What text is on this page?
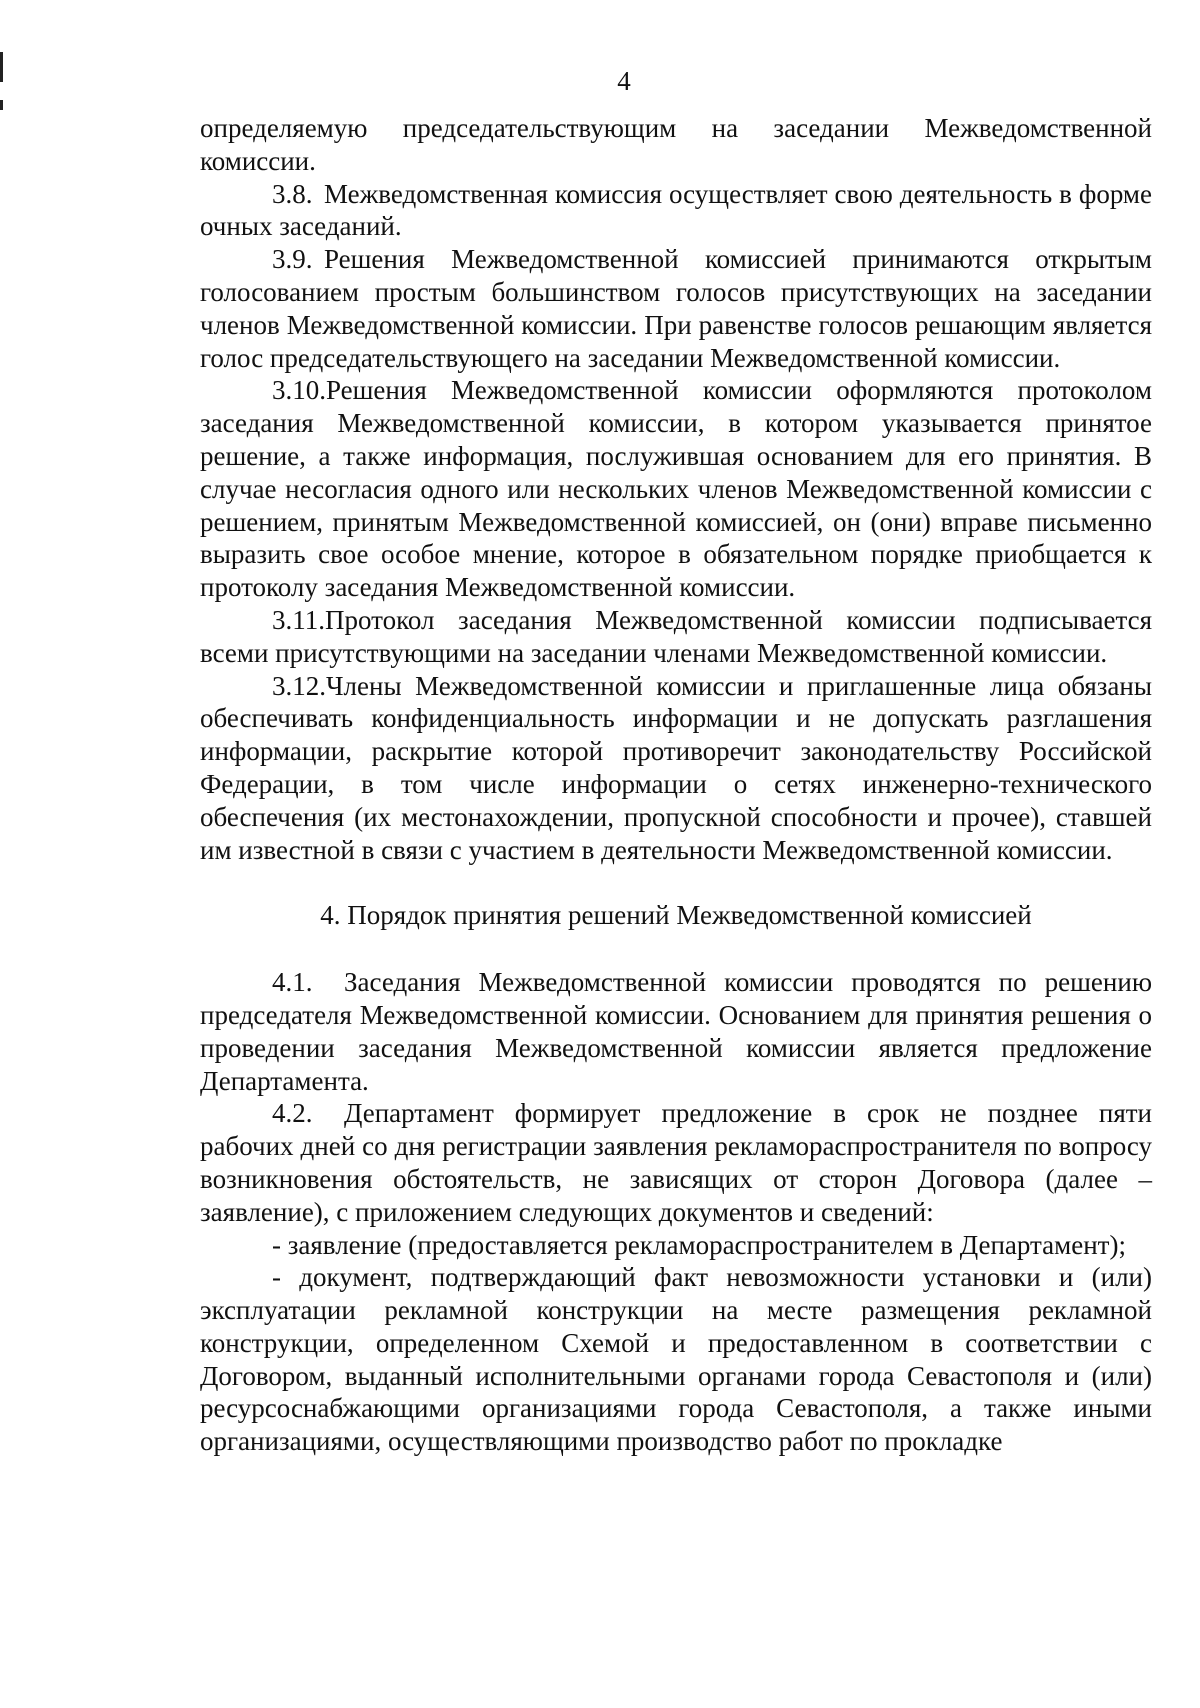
4

определяемую председательствующим на заседании Межведомственной комиссии.

3.8. Межведомственная комиссия осуществляет свою деятельность в форме очных заседаний.

3.9. Решения Межведомственной комиссией принимаются открытым голосованием простым большинством голосов присутствующих на заседании членов Межведомственной комиссии. При равенстве голосов решающим является голос председательствующего на заседании Межведомственной комиссии.

3.10.Решения Межведомственной комиссии оформляются протоколом заседания Межведомственной комиссии, в котором указывается принятое решение, а также информация, послужившая основанием для его принятия. В случае несогласия одного или нескольких членов Межведомственной комиссии с решением, принятым Межведомственной комиссией, он (они) вправе письменно выразить свое особое мнение, которое в обязательном порядке приобщается к протоколу заседания Межведомственной комиссии.

3.11.Протокол заседания Межведомственной комиссии подписывается всеми присутствующими на заседании членами Межведомственной комиссии.

3.12.Члены Межведомственной комиссии и приглашенные лица обязаны обеспечивать конфиденциальность информации и не допускать разглашения информации, раскрытие которой противоречит законодательству Российской Федерации, в том числе информации о сетях инженерно-технического обеспечения (их местонахождении, пропускной способности и прочее), ставшей им известной в связи с участием в деятельности Межведомственной комиссии.

4. Порядок принятия решений Межведомственной комиссией

4.1. Заседания Межведомственной комиссии проводятся по решению председателя Межведомственной комиссии. Основанием для принятия решения о проведении заседания Межведомственной комиссии является предложение Департамента.

4.2. Департамент формирует предложение в срок не позднее пяти рабочих дней со дня регистрации заявления рекламораспространителя по вопросу возникновения обстоятельств, не зависящих от сторон Договора (далее – заявление), с приложением следующих документов и сведений:

- заявление (предоставляется рекламораспространителем в Департамент);

- документ, подтверждающий факт невозможности установки и (или) эксплуатации рекламной конструкции на месте размещения рекламной конструкции, определенном Схемой и предоставленном в соответствии с Договором, выданный исполнительными органами города Севастополя и (или) ресурсоснабжающими организациями города Севастополя, а также иными организациями, осуществляющими производство работ по прокладке
